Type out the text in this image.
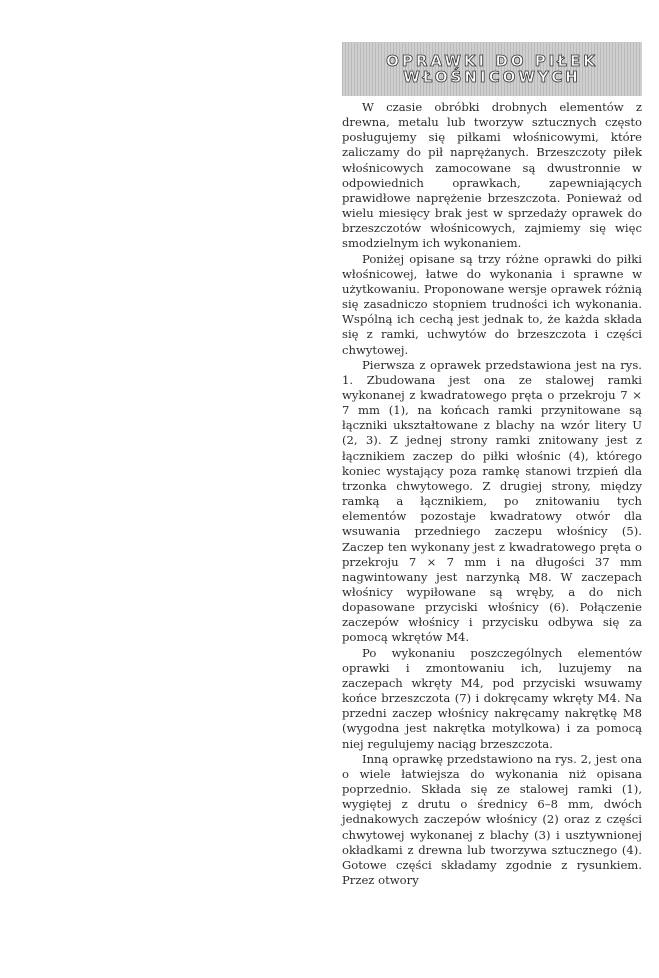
OPRAWKI DO PIŁEK
WŁOŚNICOWYCH

W czasie obróbki drobnych elementów z drewna, metalu lub tworzyw sztucznych często posługujemy się piłkami włośnicowymi, które zaliczamy do pił naprężanych. Brzeszczoty piłek włośnicowych zamocowane są dwustronnie w odpowiednich oprawkach, zapewniających prawidłowe naprężenie brzeszczota. Ponieważ od wielu miesięcy brak jest w sprzedaży oprawek do brzeszczotów włośnicowych, zajmiemy się więc smodzielnym ich wykonaniem.

Poniżej opisane są trzy różne oprawki do piłki włośnicowej, łatwe do wykonania i sprawne w użytkowaniu. Proponowane wersje oprawek różnią się zasadniczo stopniem trudności ich wykonania. Wspólną ich cechą jest jednak to, że każda składa się z ramki, uchwytów do brzeszczota i części chwytowej.

Pierwsza z oprawek przedstawiona jest na rys. 1. Zbudowana jest ona ze stalowej ramki wykonanej z kwadratowego pręta o przekroju 7 × 7 mm (1), na końcach ramki przynitowane są łączniki ukształtowane z blachy na wzór litery U (2, 3). Z jednej strony ramki znitowany jest z łącznikiem zaczep do piłki włośnic (4), którego koniec wystający poza ramkę stanowi trzpień dla trzonka chwytowego. Z drugiej strony, między ramką a łącznikiem, po znitowaniu tych elementów pozostaje kwadratowy otwór dla wsuwania przedniego zaczepu włośnicy (5). Zaczep ten wykonany jest z kwadratowego pręta o przekroju 7 × 7 mm i na długości 37 mm nagwintowany jest narzynką M8. W zaczepach włośnicy wypiłowane są wręby, a do nich dopasowane przyciski włośnicy (6). Połączenie zaczepów włośnicy i przycisku odbywa się za pomocą wkrętów M4.

Po wykonaniu poszczególnych elementów oprawki i zmontowaniu ich, luzujemy na zaczepach wkręty M4, pod przyciski wsuwamy końce brzeszczota (7) i dokręcamy wkręty M4. Na przedni zaczep włośnicy nakręcamy nakrętkę M8 (wygodna jest nakrętka motylkowa) i za pomocą niej regulujemy naciąg brzeszczota.

Inną oprawkę przedstawiono na rys. 2, jest ona o wiele łatwiejsza do wykonania niż opisana poprzednio. Składa się ze stalowej ramki (1), wygiętej z drutu o średnicy 6–8 mm, dwóch jednakowych zaczepów włośnicy (2) oraz z części chwytowej wykonanej z blachy (3) i usztywnionej okładkami z drewna lub tworzywa sztucznego (4). Gotowe części składamy zgodnie z rysunkiem. Przez otwory
